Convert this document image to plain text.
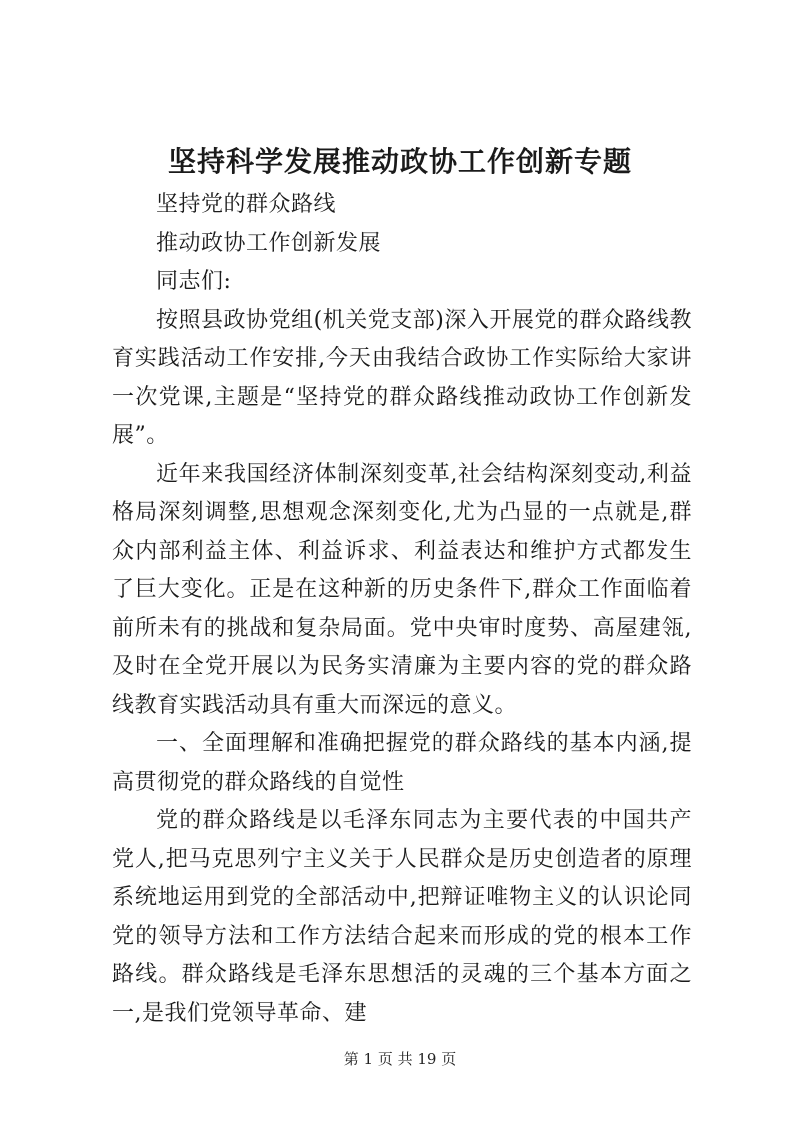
坚持科学发展推动政协工作创新专题

坚持党的群众路线

推动政协工作创新发展

同志们:

按照县政协党组(机关党支部)深入开展党的群众路线教育实践活动工作安排,今天由我结合政协工作实际给大家讲一次党课,主题是“坚持党的群众路线推动政协工作创新发展”。

近年来我国经济体制深刻变革,社会结构深刻变动,利益格局深刻调整,思想观念深刻变化,尤为凸显的一点就是,群众内部利益主体、利益诉求、利益表达和维护方式都发生了巨大变化。正是在这种新的历史条件下,群众工作面临着前所未有的挑战和复杂局面。党中央审时度势、高屋建瓴,及时在全党开展以为民务实清廉为主要内容的党的群众路线教育实践活动具有重大而深远的意义。

一、全面理解和准确把握党的群众路线的基本内涵,提高贯彻党的群众路线的自觉性

党的群众路线是以毛泽东同志为主要代表的中国共产党人,把马克思列宁主义关于人民群众是历史创造者的原理系统地运用到党的全部活动中,把辩证唯物主义的认识论同党的领导方法和工作方法结合起来而形成的党的根本工作路线。群众路线是毛泽东思想活的灵魂的三个基本方面之一,是我们党领导革命、建

第 1 页 共 19 页
